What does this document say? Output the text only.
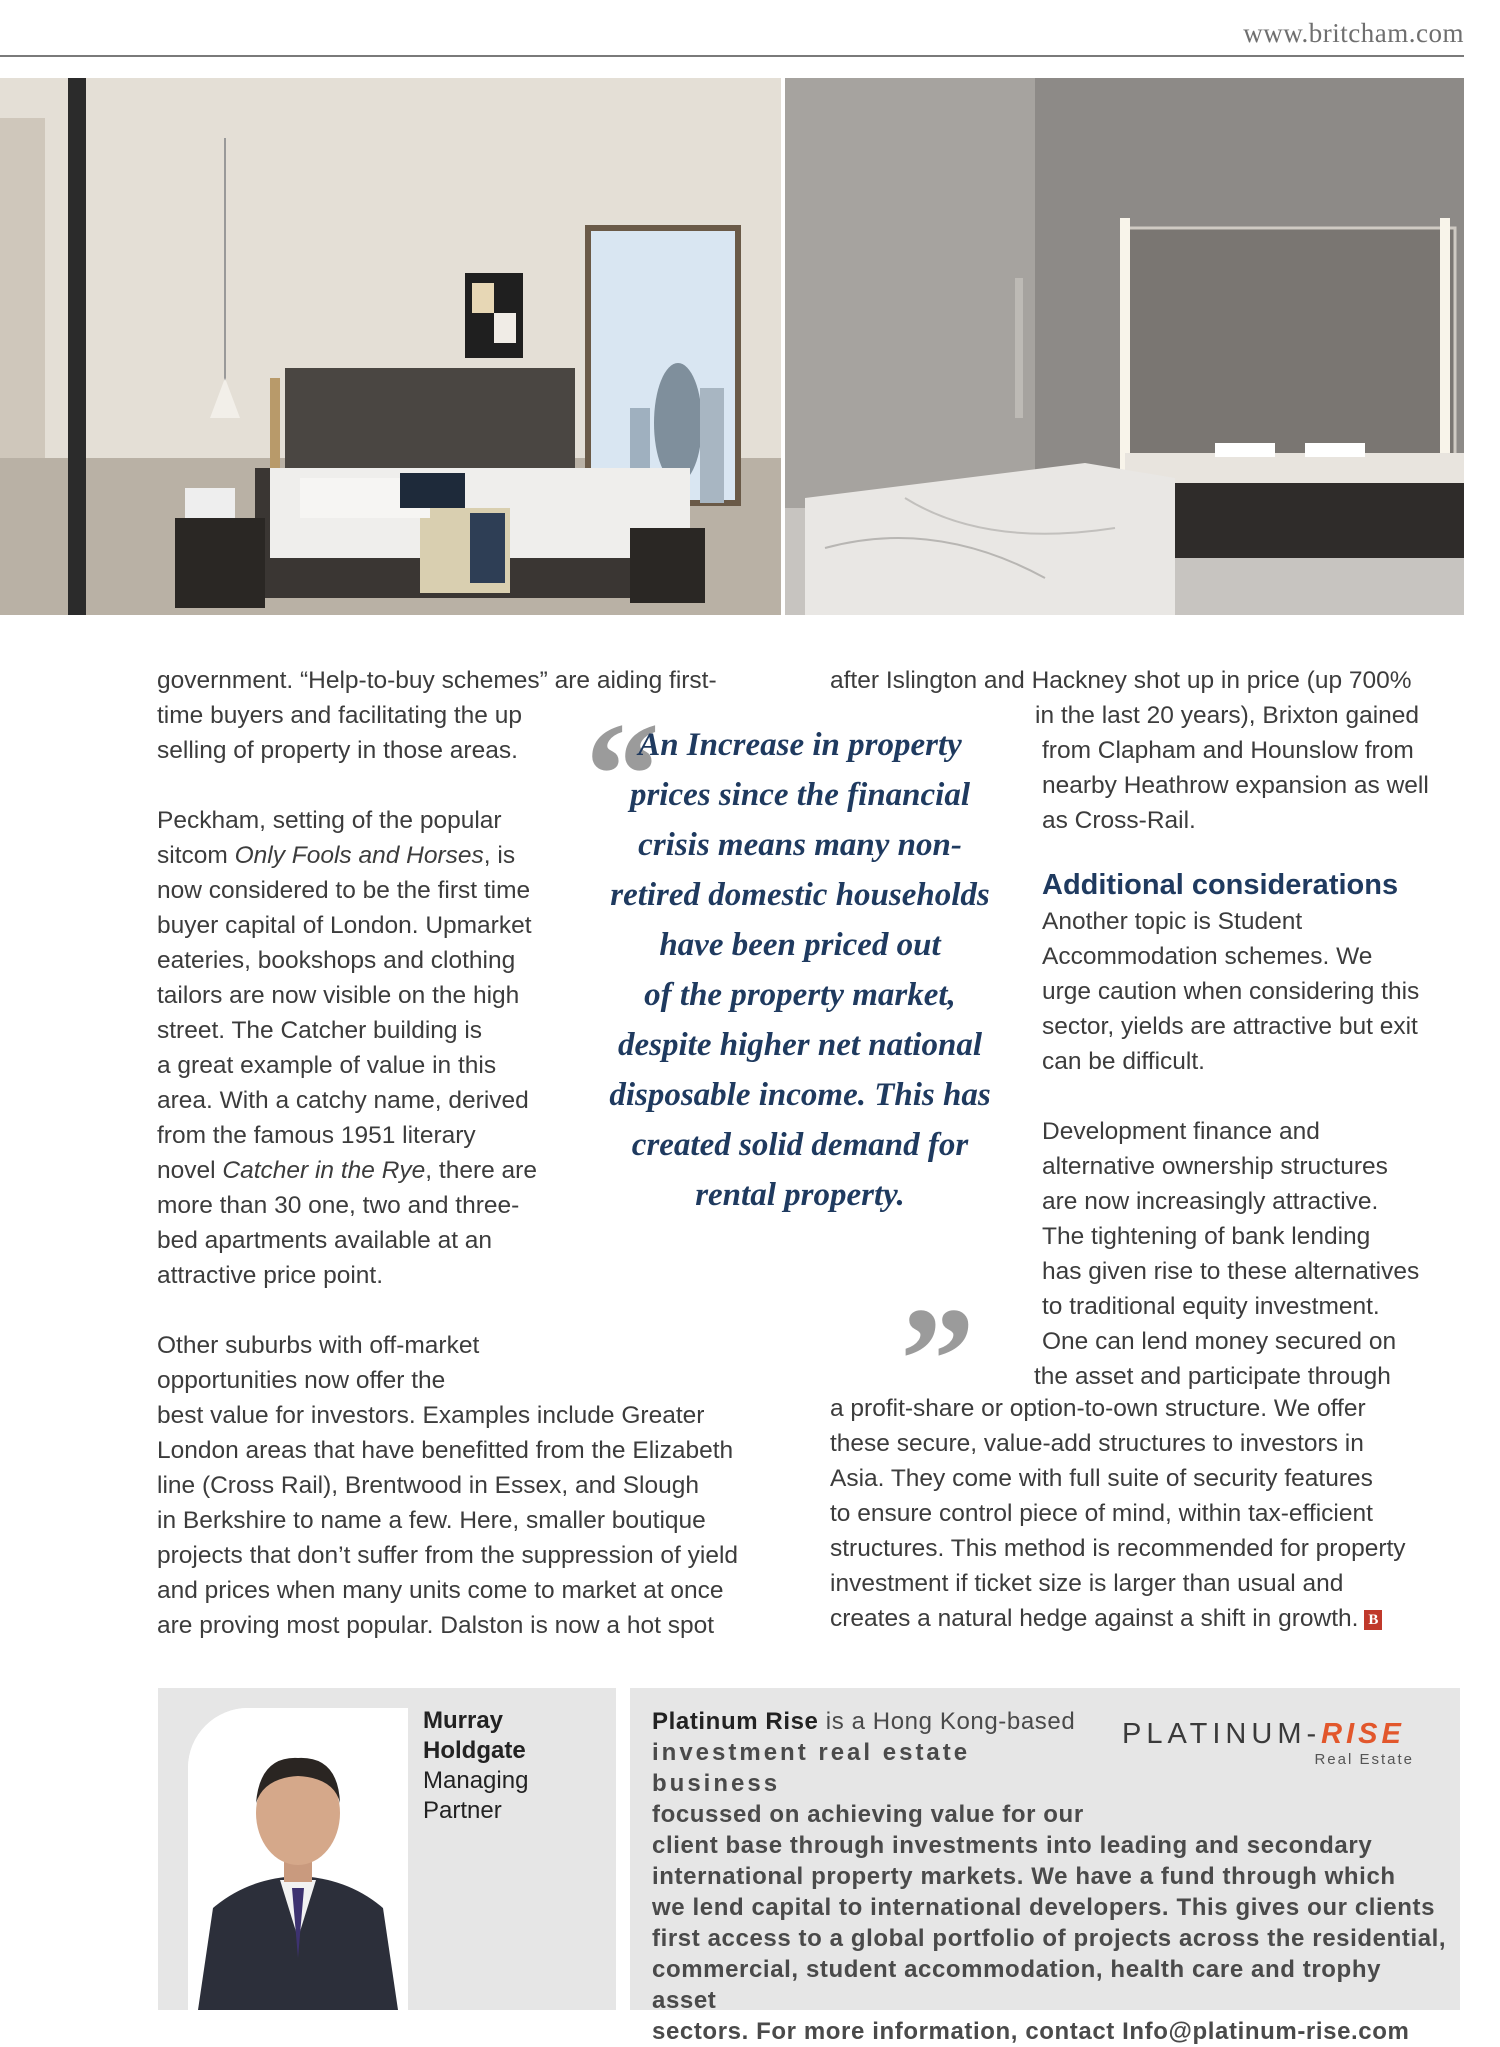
www.britcham.com

government. “Help-to-buy schemes” are aiding first-
time buyers and facilitating the up
selling of property in those areas.

Peckham, setting of the popular
sitcom Only Fools and Horses, is
now considered to be the first time
buyer capital of London. Upmarket
eateries, bookshops and clothing
tailors are now visible on the high
street. The Catcher building is
a great example of value in this
area. With a catchy name, derived
from the famous 1951 literary
novel Catcher in the Rye, there are
more than 30 one, two and three-
bed apartments available at an
attractive price point.

Other suburbs with off-market
opportunities now offer the
best value for investors. Examples include Greater
London areas that have benefitted from the Elizabeth
line (Cross Rail), Brentwood in Essex, and Slough
in Berkshire to name a few. Here, smaller boutique
projects that don’t suffer from the suppression of yield
and prices when many units come to market at once
are proving most popular. Dalston is now a hot spot

“
An Increase in property
prices since the financial
crisis means many non-
retired domestic households
have been priced out
of the property market,
despite higher net national
disposable income. This has
created solid demand for
rental property.
”

after Islington and Hackney shot up in price (up 700%
in the last 20 years), Brixton gained
from Clapham and Hounslow from
nearby Heathrow expansion as well
as Cross-Rail.

Additional considerations

Another topic is Student
Accommodation schemes. We
urge caution when considering this
sector, yields are attractive but exit
can be difficult.

Development finance and
alternative ownership structures
are now increasingly attractive.
The tightening of bank lending
has given rise to these alternatives
to traditional equity investment.
One can lend money secured on
the asset and participate through

a profit-share or option-to-own structure. We offer
these secure, value-add structures to investors in
Asia. They come with full suite of security features
to ensure control piece of mind, within tax-efficient
structures. This method is recommended for property
investment if ticket size is larger than usual and
creates a natural hedge against a shift in growth. B

Murray
Holdgate
Managing
Partner
PLATINUM-RISE
Real Estate
Platinum Rise is a Hong Kong-based
investment real estate business
focussed on achieving value for our
client base through investments into leading and secondary
international property markets. We have a fund through which
we lend capital to international developers. This gives our clients
first access to a global portfolio of projects across the residential,
commercial, student accommodation, health care and trophy asset
sectors. For more information, contact Info@platinum-rise.com
